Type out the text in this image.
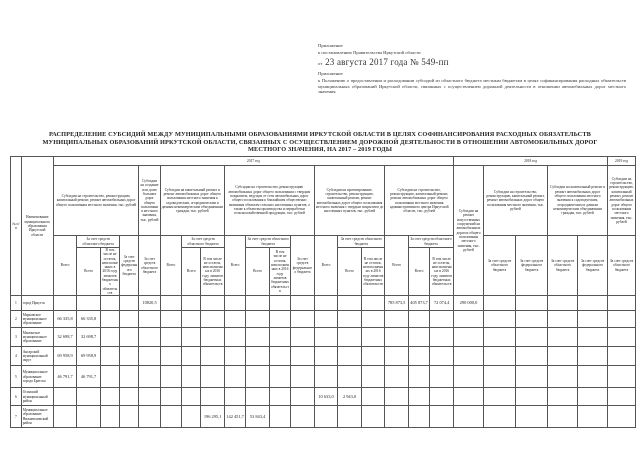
Приложение
к постановлению Правительства Иркутской области
от 23 августа 2017 года № 549-пп
Приложение
к Положению о предоставлении и расходовании субсидий из областного бюджета местным бюджетам в целях софинансирования расходных обязательств муниципальных образований Иркутской области, связанных с осуществлением дорожной деятельности в отношении автомобильных дорог местного значения
РАСПРЕДЕЛЕНИЕ СУБСИДИЙ МЕЖДУ МУНИЦИПАЛЬНЫМИ ОБРАЗОВАНИЯМИ ИРКУТСКОЙ ОБЛАСТИ В ЦЕЛЯХ СОФИНАНСИРОВАНИЯ РАСХОДНЫХ ОБЯЗАТЕЛЬСТВ МУНИЦИПАЛЬНЫХ ОБРАЗОВАНИЙ ИРКУТСКОЙ ОБЛАСТИ, СВЯЗАННЫХ С ОСУЩЕСТВЛЕНИЕМ ДОРОЖНОЙ ДЕЯТЕЛЬНОСТИ В ОТНОШЕНИИ АВТОМОБИЛЬНЫХ ДОРОГ МЕСТНОГО ЗНАЧЕНИЯ, НА 2017 – 2019 ГОДЫ
№ п/п	Наименование муниципального образования Иркутской области	2017 год																		2018 год					2019 год
		Субсидии на строительство, реконструкцию, капитальный ремонт, ремонт автомобильных дорог общего пользования местного значения, тыс. рублей				Субсидии на создание или долю больших дорог общего пользования местного значения, тыс. рублей	Субсидии на капитальный ремонт и ремонт автомобильных дорог общего пользования местного значения к садоводческим, огородническим и дачным некоммерческим объединениям граждан, тыс. рублей			Субсидии на строительство, реконструкцию автомобильных дорог общего пользования с твердым покрытием, ведущих от сети автомобильных дорог общего пользования к ближайшим общественно значимым объектам сельских населенных пунктов, а также к объектам производства и переработки сельскохозяйственной продукции, тыс. рублей				Субсидии на проектирование, строительство, реконструкцию, капитальный ремонт, ремонт автомобильных дорог общего пользования местного значения с твердым покрытием до населенных пунктов, тыс. рублей			Субсидии на строительство, реконструкцию, капитальный ремонт, ремонт автомобильных дорог общего пользования местного значения административного центра Иркутской области, тыс. рублей			Субсидии на ремонт искусственных сооружений на автомобильных дорогах общего пользования местного значения, тыс. рублей	Субсидии на строительство, реконструкцию, капитальный ремонт, ремонт автомобильных дорог общего пользования местного значения, тыс. рублей		Субсидии на капитальный ремонт и ремонт автомобильных дорог общего пользования местного значения к садоводческим, огородническим и дачным некоммерческим объединениям граждан, тыс. рублей		Субсидии на строительство, реконструкцию, капитальный ремонт, ремонт автомобильных дорог общего пользования местного значения, тыс. рублей
		Всего	За счет средств областного бюджета		За счет средств федерального бюджета	За счет средств областного бюджета	Всего	За счет средств областного бюджета		Всего	За счет средств областного бюджета		За счет средств федерального бюджета	Всего	За счет средств областного бюджета		Всего	За счет средств областного бюджета			За счет средств областного бюджета	За счет средств федерального бюджета	За счет средств областного бюджета	За счет средств федерального бюджета	За счет средств областного бюджета
			Всего	В том числе не остаток, неисполненных в 2016 году лимитов бюджетных обязательств				Всего	В том числе не остаток, неисполненных в 2016 году лимитов бюджетных обязательств		Всего	В том числе не остаток, неисполненных в 2016 году лимитов бюджетных обязательств			Всего	В том числе не остаток, неисполненных в 2016 году лимитов бюджетных обязательств		Всего	В том числе не остаток, неисполненных в 2016 году лимитов бюджетных обязательств						
1	город Иркутск					10820,5											785 873,5	405 873,7	72 074,4	290 000,0					
2	Марковское муниципальное образование	66 335,8	66 335,8																						
3	Мамонское муниципальное образование	32 698,7	32 698,7																						
4	Ангарский муниципальный округ	69 958,9	69 958,9																						
5	Муниципальное образование города Братска	46 791,7	46 791,7																						
6	Осинский муниципальный район													10 633,0	2 943,0										
7	Муниципальное образование Нижнеилимский район								196 295,1	142 451,7	53 843,4														
